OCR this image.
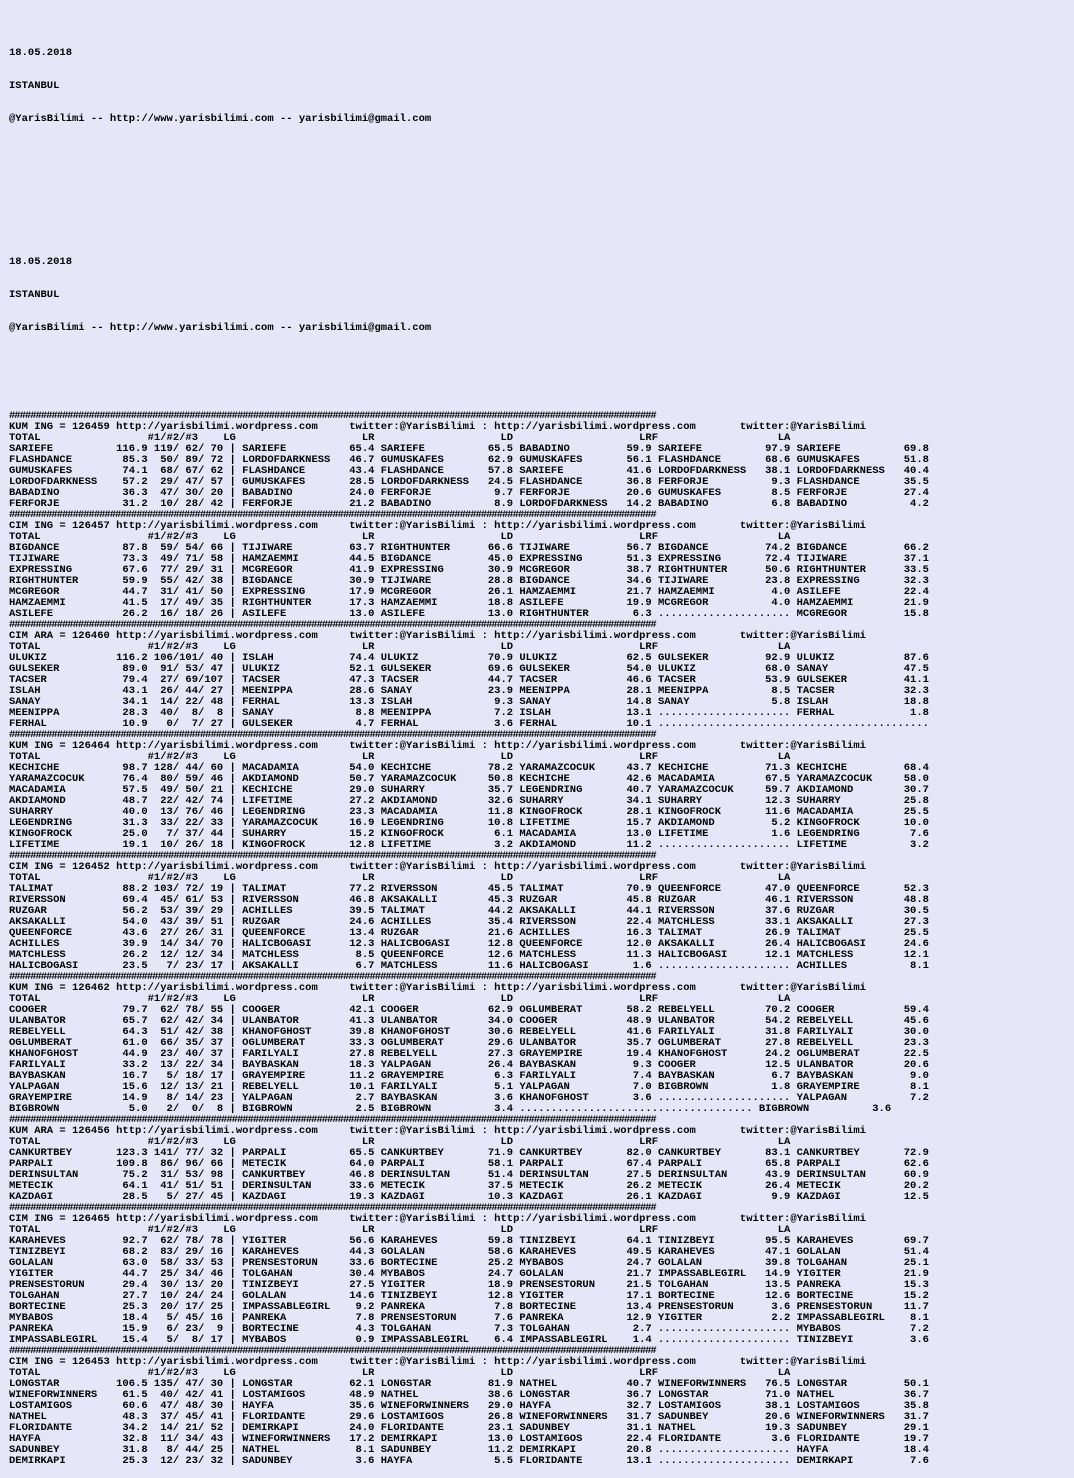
18.05.2018

ISTANBUL

@YarisBilimi -- http://www.yarisbilimi.com -- yarisbilimi@gmail.com

18.05.2018

ISTANBUL

@YarisBilimi -- http://www.yarisbilimi.com -- yarisbilimi@gmail.com

##########################################################################################################################
KUM ING = 126459 http://yarisbilimi.wordpress.com     twitter:@YarisBilimi : http://yarisbilimi.wordpress.com       twitter:@YarisBilimi
TOTAL                 #1/#2/#3    LG                    LR                    LD                    LRF                   LA
SARIEFE          116.9 119/ 62/ 70 | SARIEFE          65.4 SARIEFE          65.5 BABADINO         59.9 SARIEFE          97.9 SARIEFE          69.8
FLASHDANCE        85.3  50/ 89/ 72 | LORDOFDARKNESS   46.7 GUMUSKAFES       62.9 GUMUSKAFES       56.1 FLASHDANCE       68.6 GUMUSKAFES       51.8
GUMUSKAFES        74.1  68/ 67/ 62 | FLASHDANCE       43.4 FLASHDANCE       57.8 SARIEFE          41.6 LORDOFDARKNESS   38.1 LORDOFDARKNESS   40.4
LORDOFDARKNESS    57.2  29/ 47/ 57 | GUMUSKAFES       28.5 LORDOFDARKNESS   24.5 FLASHDANCE       36.8 FERFORJE          9.3 FLASHDANCE       35.5
BABADINO          36.3  47/ 30/ 20 | BABADINO         24.0 FERFORJE          9.7 FERFORJE         20.6 GUMUSKAFES        8.5 FERFORJE         27.4
FERFORJE          31.2  10/ 28/ 42 | FERFORJE         21.2 BABADINO          8.9 LORDOFDARKNESS   14.2 BABADINO          6.8 BABADINO          4.2
##########################################################################################################################
CIM ING = 126457 http://yarisbilimi.wordpress.com     twitter:@YarisBilimi : http://yarisbilimi.wordpress.com       twitter:@YarisBilimi
TOTAL                 #1/#2/#3    LG                    LR                    LD                    LRF                   LA
BIGDANCE          87.8  59/ 54/ 66 | TIJIWARE         63.7 RIGHTHUNTER      66.6 TIJIWARE         56.7 BIGDANCE         74.2 BIGDANCE         66.2
TIJIWARE          73.3  49/ 71/ 58 | HAMZAEMMI        44.5 BIGDANCE         45.0 EXPRESSING       51.3 EXPRESSING       72.4 TIJIWARE         37.1
EXPRESSING        67.6  77/ 29/ 31 | MCGREGOR         41.9 EXPRESSING       30.9 MCGREGOR         38.7 RIGHTHUNTER      50.6 RIGHTHUNTER      33.5
RIGHTHUNTER       59.9  55/ 42/ 38 | BIGDANCE         30.9 TIJIWARE         28.8 BIGDANCE         34.6 TIJIWARE         23.8 EXPRESSING       32.3
MCGREGOR          44.7  31/ 41/ 50 | EXPRESSING       17.9 MCGREGOR         26.1 HAMZAEMMI        21.7 HAMZAEMMI         4.0 ASILEFE          22.4
HAMZAEMMI         41.5  17/ 49/ 35 | RIGHTHUNTER      17.3 HAMZAEMMI        18.8 ASILEFE          19.9 MCGREGOR          4.0 HAMZAEMMI        21.9
ASILEFE           26.2  16/ 18/ 26 | ASILEFE          13.0 ASILEFE          13.0 RIGHTHUNTER       6.3 ..................... MCGREGOR         15.8
##########################################################################################################################
CIM ARA = 126460 http://yarisbilimi.wordpress.com     twitter:@YarisBilimi : http://yarisbilimi.wordpress.com       twitter:@YarisBilimi
TOTAL                 #1/#2/#3    LG                    LR                    LD                    LRF                   LA
ULUKIZ           116.2 106/101/ 40 | ISLAH            74.4 ULUKIZ           70.9 ULUKIZ           62.5 GULSEKER         92.9 ULUKIZ           87.6
GULSEKER          89.0  91/ 53/ 47 | ULUKIZ           52.1 GULSEKER         69.6 GULSEKER         54.0 ULUKIZ           68.0 SANAY            47.5
TACSER            79.4  27/ 69/107 | TACSER           47.3 TACSER           44.7 TACSER           46.6 TACSER           53.9 GULSEKER         41.1
ISLAH             43.1  26/ 44/ 27 | MEENIPPA         28.6 SANAY            23.9 MEENIPPA         28.1 MEENIPPA          8.5 TACSER           32.3
SANAY             34.1  14/ 22/ 48 | FERHAL           13.3 ISLAH             9.3 SANAY            14.8 SANAY             5.8 ISLAH            18.8
MEENIPPA          28.3  40/  8/  8 | SANAY             8.8 MEENIPPA          7.2 ISLAH            13.1 ..................... FERHAL            1.8
FERHAL            10.9   0/  7/ 27 | GULSEKER          4.7 FERHAL            3.6 FERHAL           10.1 ...........................................
##########################################################################################################################
KUM ING = 126464 http://yarisbilimi.wordpress.com     twitter:@YarisBilimi : http://yarisbilimi.wordpress.com       twitter:@YarisBilimi
TOTAL                 #1/#2/#3    LG                    LR                    LD                    LRF                   LA
KECHICHE          98.7 128/ 44/ 60 | MACADAMIA        54.0 KECHICHE         78.2 YARAMAZCOCUK     43.7 KECHICHE         71.3 KECHICHE         68.4
YARAMAZCOCUK      76.4  80/ 59/ 46 | AKDIAMOND        50.7 YARAMAZCOCUK     50.8 KECHICHE         42.6 MACADAMIA        67.5 YARAMAZCOCUK     58.0
MACADAMIA         57.5  49/ 50/ 21 | KECHICHE         29.0 SUHARRY          35.7 LEGENDRING       40.7 YARAMAZCOCUK     59.7 AKDIAMOND        30.7
AKDIAMOND         48.7  22/ 42/ 74 | LIFETIME         27.2 AKDIAMOND        32.6 SUHARRY          34.1 SUHARRY          12.3 SUHARRY          25.8
SUHARRY           40.0  13/ 76/ 46 | LEGENDRING       23.3 MACADAMIA        11.8 KINGOFROCK       28.1 KINGOFROCK       11.6 MACADAMIA        25.5
LEGENDRING        31.3  33/ 22/ 33 | YARAMAZCOCUK     16.9 LEGENDRING       10.8 LIFETIME         15.7 AKDIAMOND         5.2 KINGOFROCK       10.0
KINGOFROCK        25.0   7/ 37/ 44 | SUHARRY          15.2 KINGOFROCK        6.1 MACADAMIA        13.0 LIFETIME          1.6 LEGENDRING        7.6
LIFETIME          19.1  10/ 26/ 18 | KINGOFROCK       12.8 LIFETIME          3.2 AKDIAMOND        11.2 ..................... LIFETIME          3.2
##########################################################################################################################
CIM ING = 126452 http://yarisbilimi.wordpress.com     twitter:@YarisBilimi : http://yarisbilimi.wordpress.com       twitter:@YarisBilimi
TOTAL                 #1/#2/#3    LG                    LR                    LD                    LRF                   LA
TALIMAT           88.2 103/ 72/ 19 | TALIMAT          77.2 RIVERSSON        45.5 TALIMAT          70.9 QUEENFORCE       47.0 QUEENFORCE       52.3
RIVERSSON         69.4  45/ 61/ 53 | RIVERSSON        46.8 AKSAKALLI        45.3 RUZGAR           45.8 RUZGAR           46.1 RIVERSSON        48.8
RUZGAR            56.2  53/ 39/ 29 | ACHILLES         39.5 TALIMAT          44.2 AKSAKALLI        44.1 RIVERSSON        37.6 RUZGAR           30.5
AKSAKALLI         54.0  43/ 39/ 51 | RUZGAR           24.6 ACHILLES         35.4 RIVERSSON        22.4 MATCHLESS        33.1 AKSAKALLI        27.3
QUEENFORCE        43.6  27/ 26/ 31 | QUEENFORCE       13.4 RUZGAR           21.6 ACHILLES         16.3 TALIMAT          26.9 TALIMAT          25.5
ACHILLES          39.9  14/ 34/ 70 | HALICBOGASI      12.3 HALICBOGASI      12.8 QUEENFORCE       12.0 AKSAKALLI        26.4 HALICBOGASI      24.6
MATCHLESS         26.2  12/ 12/ 34 | MATCHLESS         8.5 QUEENFORCE       12.6 MATCHLESS        11.3 HALICBOGASI      12.1 MATCHLESS        12.1
HALICBOGASI       23.5   7/ 23/ 17 | AKSAKALLI         6.7 MATCHLESS        11.6 HALICBOGASI       1.6 ..................... ACHILLES          8.1
##########################################################################################################################
KUM ING = 126462 http://yarisbilimi.wordpress.com     twitter:@YarisBilimi : http://yarisbilimi.wordpress.com       twitter:@YarisBilimi
TOTAL                 #1/#2/#3    LG                    LR                    LD                    LRF                   LA
COOGER            79.7  62/ 78/ 55 | COOGER           42.1 COOGER           62.9 OGLUMBERAT       58.2 REBELYELL        70.2 COOGER           59.4
ULANBATOR         65.7  62/ 42/ 34 | ULANBATOR        41.3 ULANBATOR        34.0 COOGER           48.9 ULANBATOR        54.2 REBELYELL        45.6
REBELYELL         64.3  51/ 42/ 38 | KHANOFGHOST      39.8 KHANOFGHOST      30.6 REBELYELL        41.6 FARILYALI        31.8 FARILYALI        30.0
OGLUMBERAT        61.0  66/ 35/ 37 | OGLUMBERAT       33.3 OGLUMBERAT       29.6 ULANBATOR        35.7 OGLUMBERAT       27.8 REBELYELL        23.3
KHANOFGHOST       44.9  23/ 40/ 37 | FARILYALI        27.8 REBELYELL        27.3 GRAYEMPIRE       19.4 KHANOFGHOST      24.2 OGLUMBERAT       22.5
FARILYALI         33.2  13/ 22/ 34 | BAYBASKAN        18.3 YALPAGAN         26.4 BAYBASKAN         9.3 COOGER           12.5 ULANBATOR        20.6
BAYBASKAN         16.7   5/ 18/ 17 | GRAYEMPIRE       11.2 GRAYEMPIRE        6.3 FARILYALI         7.4 BAYBASKAN         6.7 BAYBASKAN         9.0
YALPAGAN          15.6  12/ 13/ 21 | REBELYELL        10.1 FARILYALI         5.1 YALPAGAN          7.0 BIGBROWN          1.8 GRAYEMPIRE        8.1
GRAYEMPIRE        14.9   8/ 14/ 23 | YALPAGAN          2.7 BAYBASKAN         3.6 KHANOFGHOST       3.6 ..................... YALPAGAN          7.2
BIGBROWN           5.0   2/  0/  8 | BIGBROWN          2.5 BIGBROWN          3.4 ..................................... BIGBROWN          3.6
##########################################################################################################################
KUM ARA = 126456 http://yarisbilimi.wordpress.com     twitter:@YarisBilimi : http://yarisbilimi.wordpress.com       twitter:@YarisBilimi
TOTAL                 #1/#2/#3    LG                    LR                    LD                    LRF                   LA
CANKURTBEY       123.3 141/ 77/ 32 | PARPALI          65.5 CANKURTBEY       71.9 CANKURTBEY       82.0 CANKURTBEY       83.1 CANKURTBEY       72.9
PARPALI          109.8  86/ 96/ 66 | METECIK          64.0 PARPALI          58.1 PARPALI          67.4 PARPALI          65.8 PARPALI          62.6
DERINSULTAN       75.2  31/ 53/ 98 | CANKURTBEY       46.8 DERINSULTAN      51.4 DERINSULTAN      27.5 DERINSULTAN      43.9 DERINSULTAN      60.9
METECIK           64.1  41/ 51/ 51 | DERINSULTAN      33.6 METECIK          37.5 METECIK          26.2 METECIK          26.4 METECIK          20.2
KAZDAGI           28.5   5/ 27/ 45 | KAZDAGI          19.3 KAZDAGI          10.3 KAZDAGI          26.1 KAZDAGI           9.9 KAZDAGI          12.5
##########################################################################################################################
CIM ING = 126465 http://yarisbilimi.wordpress.com     twitter:@YarisBilimi : http://yarisbilimi.wordpress.com       twitter:@YarisBilimi
TOTAL                 #1/#2/#3    LG                    LR                    LD                    LRF                   LA
KARAHEVES         92.7  62/ 78/ 78 | YIGITER          56.6 KARAHEVES        59.8 TINIZBEYI        64.1 TINIZBEYI        95.5 KARAHEVES        69.7
TINIZBEYI         68.2  83/ 29/ 16 | KARAHEVES        44.3 GOLALAN          58.6 KARAHEVES        49.5 KARAHEVES        47.1 GOLALAN          51.4
GOLALAN           63.0  58/ 33/ 53 | PRENSESTORUN     33.6 BORTECINE        25.2 MYBABOS          24.7 GOLALAN          39.8 TOLGAHAN         25.1
YIGITER           44.7  25/ 34/ 46 | TOLGAHAN         30.4 MYBABOS          24.7 GOLALAN          21.7 IMPASSABLEGIRL   14.9 YIGITER          21.9
PRENSESTORUN      29.4  30/ 13/ 20 | TINIZBEYI        27.5 YIGITER          18.9 PRENSESTORUN     21.5 TOLGAHAN         13.5 PANREKA          15.3
TOLGAHAN          27.7  10/ 24/ 24 | GOLALAN          14.6 TINIZBEYI        12.8 YIGITER          17.1 BORTECINE        12.6 BORTECINE        15.2
BORTECINE         25.3  20/ 17/ 25 | IMPASSABLEGIRL    9.2 PANREKA           7.8 BORTECINE        13.4 PRENSESTORUN      3.6 PRENSESTORUN     11.7
MYBABOS           18.4   5/ 45/ 16 | PANREKA           7.8 PRENSESTORUN      7.6 PANREKA          12.9 YIGITER           2.2 IMPASSABLEGIRL    8.1
PANREKA           15.9   6/ 23/  9 | BORTECINE         4.3 TOLGAHAN          7.3 TOLGAHAN          2.7 ..................... MYBABOS           7.2
IMPASSABLEGIRL    15.4   5/  8/ 17 | MYBABOS           0.9 IMPASSABLEGIRL    6.4 IMPASSABLEGIRL    1.4 ..................... TINIZBEYI         3.6
##########################################################################################################################
CIM ING = 126453 http://yarisbilimi.wordpress.com     twitter:@YarisBilimi : http://yarisbilimi.wordpress.com       twitter:@YarisBilimi
TOTAL                 #1/#2/#3    LG                    LR                    LD                    LRF                   LA
LONGSTAR         106.5 135/ 47/ 30 | LONGSTAR         62.1 LONGSTAR         81.9 NATHEL           40.7 WINEFORWINNERS   76.5 LONGSTAR         50.1
WINEFORWINNERS    61.5  40/ 42/ 41 | LOSTAMIGOS       48.9 NATHEL           38.6 LONGSTAR         36.7 LONGSTAR         71.0 NATHEL           36.7
LOSTAMIGOS        60.6  47/ 48/ 30 | HAYFA            35.6 WINEFORWINNERS   29.0 HAYFA            32.7 LOSTAMIGOS       38.1 LOSTAMIGOS       35.8
NATHEL            48.3  37/ 45/ 41 | FLORIDANTE       29.6 LOSTAMIGOS       26.8 WINEFORWINNERS   31.7 SADUNBEY         20.6 WINEFORWINNERS   31.7
FLORIDANTE        34.2  14/ 21/ 52 | DEMIRKAPI        24.0 FLORIDANTE       23.1 SADUNBEY         31.1 NATHEL           19.3 SADUNBEY         29.1
HAYFA             32.8  11/ 34/ 43 | WINEFORWINNERS   17.2 DEMIRKAPI        13.0 LOSTAMIGOS       22.4 FLORIDANTE        3.6 FLORIDANTE       19.7
SADUNBEY          31.8   8/ 44/ 25 | NATHEL            8.1 SADUNBEY         11.2 DEMIRKAPI        20.8 ..................... HAYFA            18.4
DEMIRKAPI         25.3  12/ 23/ 32 | SADUNBEY          3.6 HAYFA             5.5 FLORIDANTE       13.1 ..................... DEMIRKAPI         7.6
